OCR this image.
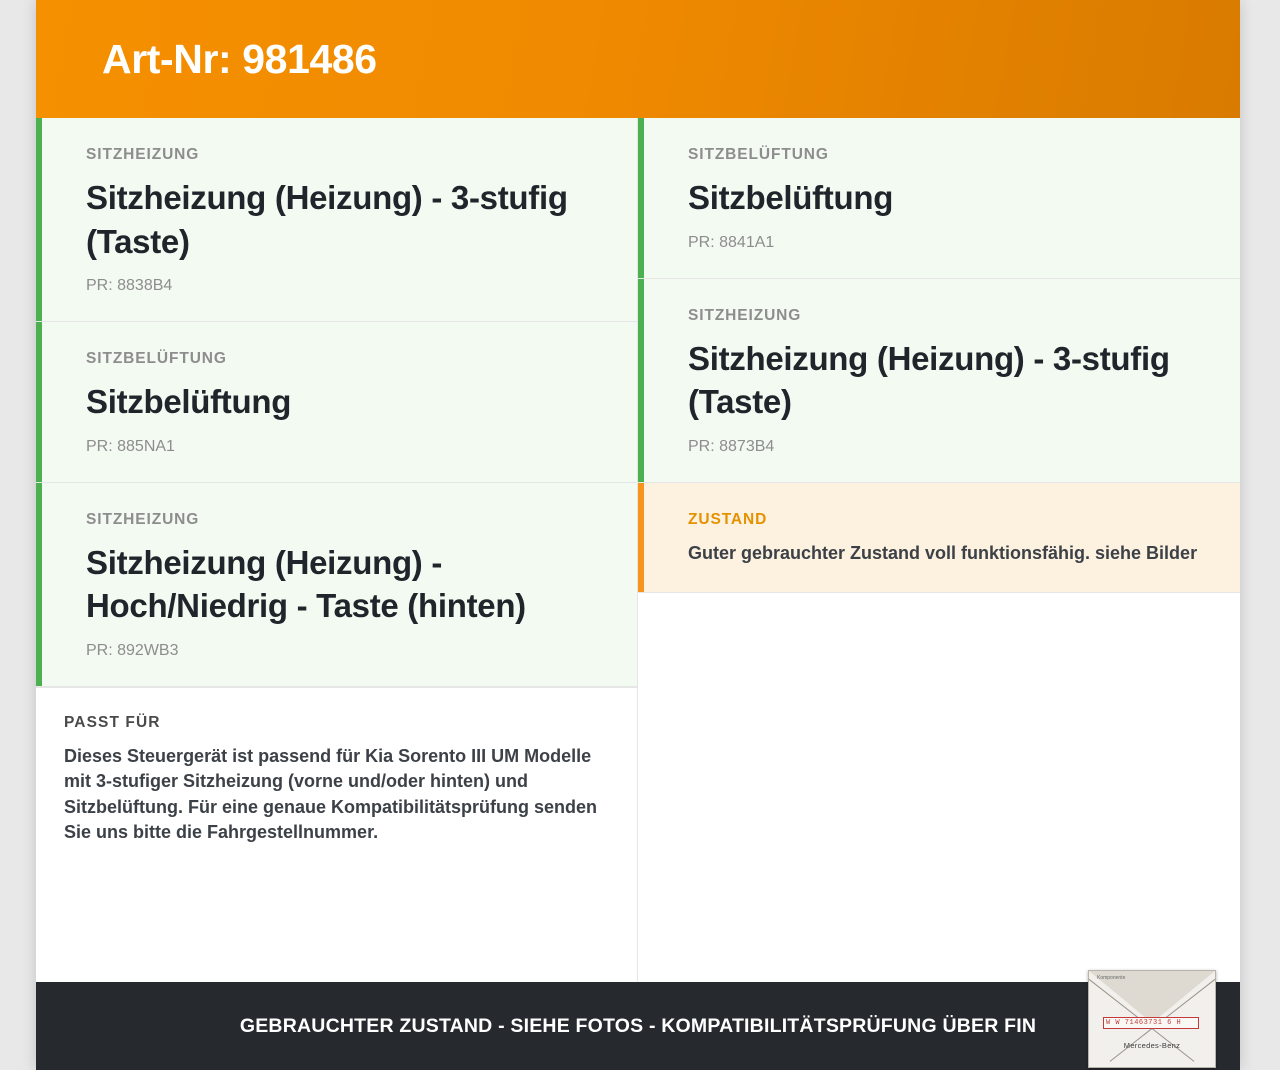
Art-Nr: 981486
SITZHEIZUNG
Sitzheizung (Heizung) - 3-stufig (Taste)
PR: 8838B4
SITZBELÜFTUNG
Sitzbelüftung
PR: 885NA1
SITZHEIZUNG
Sitzheizung (Heizung) - Hoch/Niedrig - Taste (hinten)
PR: 892WB3
PASST FÜR
Dieses Steuergerät ist passend für Kia Sorento III UM Modelle mit 3-stufiger Sitzheizung (vorne und/oder hinten) und Sitzbelüftung. Für eine genaue Kompatibilitätsprüfung senden Sie uns bitte die Fahrgestellnummer.
SITZBELÜFTUNG
Sitzbelüftung
PR: 8841A1
SITZHEIZUNG
Sitzheizung (Heizung) - 3-stufig (Taste)
PR: 8873B4
ZUSTAND
Guter gebrauchter Zustand voll funktionsfähig. siehe Bilder
GEBRAUCHTER ZUSTAND - SIEHE FOTOS - KOMPATIBILITÄTSPRÜFUNG ÜBER FIN
Komponente
W W 71463731 6 H
Mercedes-Benz
